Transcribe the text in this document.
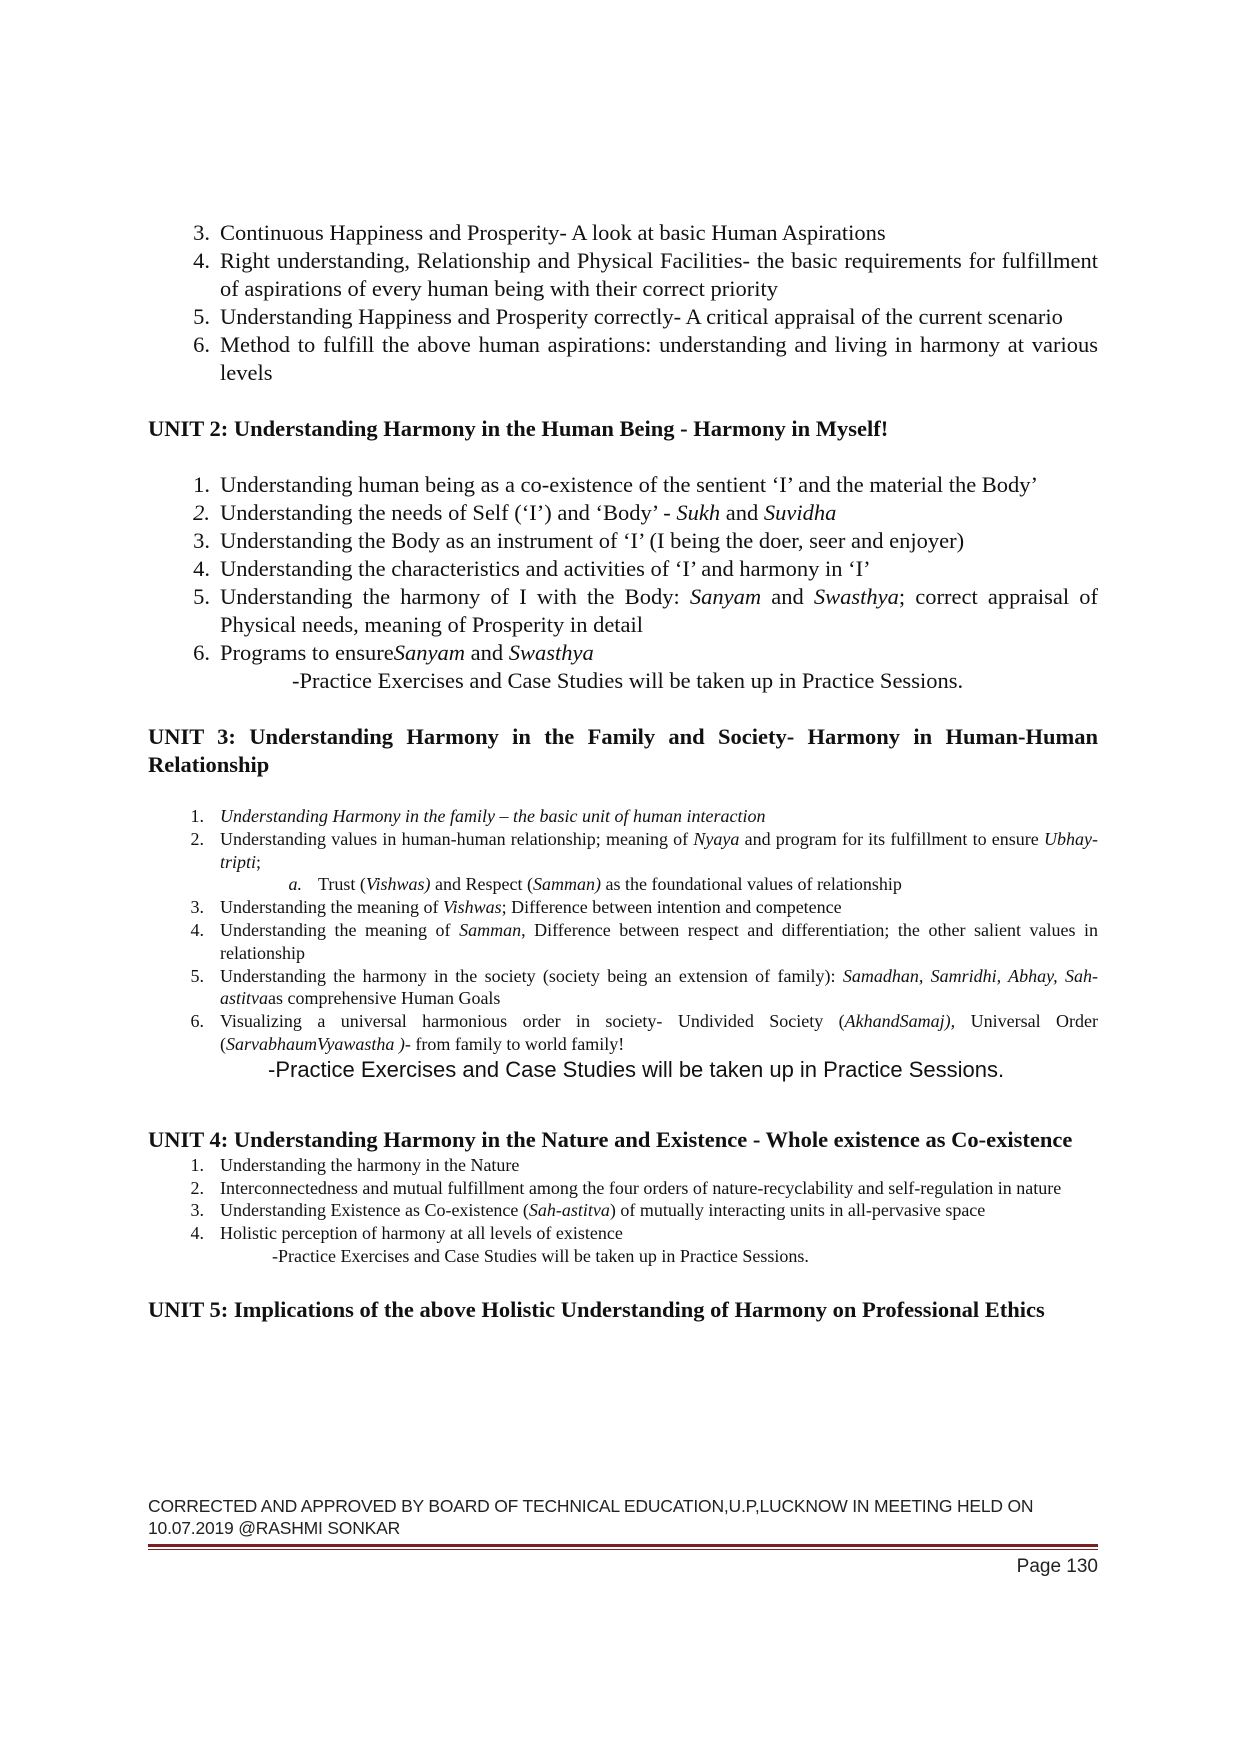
3. Continuous Happiness and Prosperity- A look at basic Human Aspirations
4. Right understanding, Relationship and Physical Facilities- the basic requirements for fulfillment of aspirations of every human being with their correct priority
5. Understanding Happiness and Prosperity correctly- A critical appraisal of the current scenario
6. Method to fulfill the above human aspirations: understanding and living in harmony at various levels
UNIT 2: Understanding Harmony in the Human Being - Harmony in Myself!
1. Understanding human being as a co-existence of the sentient ‘I’ and the material the Body’
2. Understanding the needs of Self (‘I’) and ‘Body’ - Sukh and Suvidha
3. Understanding the Body as an instrument of ‘I’ (I being the doer, seer and enjoyer)
4. Understanding the characteristics and activities of ‘I’ and harmony in ‘I’
5. Understanding the harmony of I with the Body: Sanyam and Swasthya; correct appraisal of Physical needs, meaning of Prosperity in detail
6. Programs to ensureSanyam and Swasthya
-Practice Exercises and Case Studies will be taken up in Practice Sessions.
UNIT 3: Understanding Harmony in the Family and Society- Harmony in Human-Human Relationship
1. Understanding Harmony in the family – the basic unit of human interaction
2. Understanding values in human-human relationship; meaning of Nyaya and program for its fulfillment to ensure Ubhay-tripti;
a. Trust (Vishwas) and Respect (Samman) as the foundational values of relationship
3. Understanding the meaning of Vishwas; Difference between intention and competence
4. Understanding the meaning of Samman, Difference between respect and differentiation; the other salient values in relationship
5. Understanding the harmony in the society (society being an extension of family): Samadhan, Samridhi, Abhay, Sah-astitvaas comprehensive Human Goals
6. Visualizing a universal harmonious order in society- Undivided Society (AkhandSamaj), Universal Order (SarvabhaumVyawastha )- from family to world family!
-Practice Exercises and Case Studies will be taken up in Practice Sessions.
UNIT 4: Understanding Harmony in the Nature and Existence - Whole existence as Co-existence
1. Understanding the harmony in the Nature
2. Interconnectedness and mutual fulfillment among the four orders of nature-recyclability and self-regulation in nature
3. Understanding Existence as Co-existence (Sah-astitva) of mutually interacting units in all-pervasive space
4. Holistic perception of harmony at all levels of existence
-Practice Exercises and Case Studies will be taken up in Practice Sessions.
UNIT 5: Implications of the above Holistic Understanding of Harmony on Professional Ethics
CORRECTED AND APPROVED BY BOARD OF TECHNICAL EDUCATION,U.P,LUCKNOW IN MEETING HELD ON
10.07.2019 @RASHMI SONKAR
Page 130
